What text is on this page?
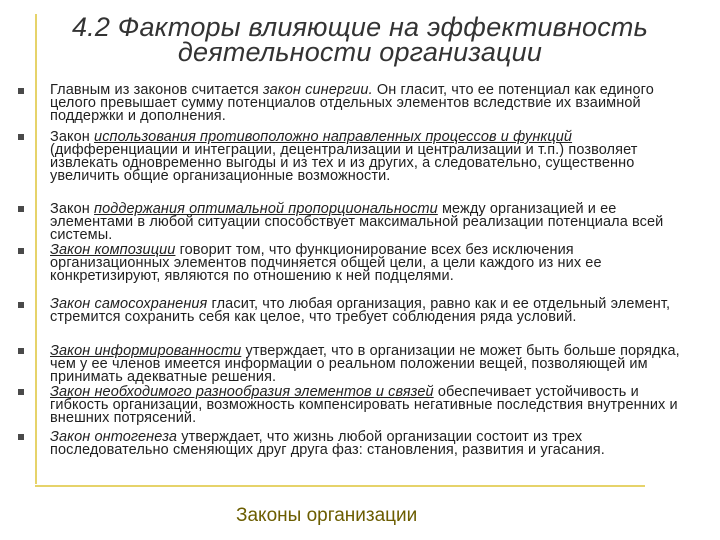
4.2 Факторы влияющие на эффективность
деятельности организации
Главным из законов считается закон синергии. Он гласит, что ее потенциал как единого целого превышает сумму потенциалов отдельных элементов вследствие их взаимной поддержки и дополнения.
Закон использования противоположно направленных процессов и функций (дифференциации и интеграции, децентрализации и централизации и т.п.) позволяет извлекать одновременно выгоды и из тех и из других, а следовательно, существенно увеличить общие организационные возможности.
Закон поддержания оптимальной пропорциональности между организацией и ее элементами в любой ситуации способствует максимальной реализации потенциала всей системы.
Закон композиции говорит том, что функционирование всех без исключения организационных элементов подчиняется общей цели, а цели каждого из них ее конкретизируют, являются по отношению к ней подцелями.
Закон самосохранения гласит, что любая организация, равно как и ее отдельный элемент, стремится сохранить себя как целое, что требует соблюдения ряда условий.
Закон информированности утверждает, что в организации не может быть больше порядка, чем у ее членов имеется информации о реальном положении вещей, позволяющей им принимать адекватные решения.
Закон необходимого разнообразия элементов и связей обеспечивает устойчивость и гибкость организации, возможность компенсировать негативные последствия внутренних и внешних потрясений.
Закон онтогенеза утверждает, что жизнь любой организации состоит из трех последовательно сменяющих друг друга фаз: становления, развития и угасания.
Законы организации
